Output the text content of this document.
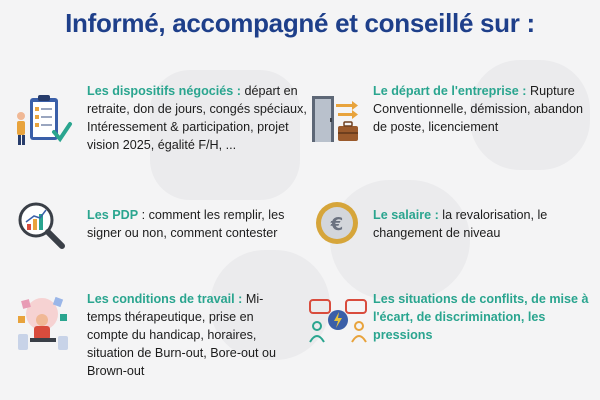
Informé, accompagné et conseillé sur :
Les dispositifs négociés : départ en retraite, don de jours, congés spéciaux, Intéressement & participation, projet vision 2025, égalité F/H, ...
Le départ de l'entreprise : Rupture Conventionnelle, démission, abandon de poste, licenciement
Les PDP : comment les remplir, les signer ou non, comment contester	€ Le salaire : la revalorisation, le changement de niveau
Les conditions de travail : Mi-temps thérapeutique, prise en compte du handicap, horaires, situation de Burn-out, Bore-out ou Brown-out
Les situations de conflits, de mise à l'écart, de discrimination, les pressions
